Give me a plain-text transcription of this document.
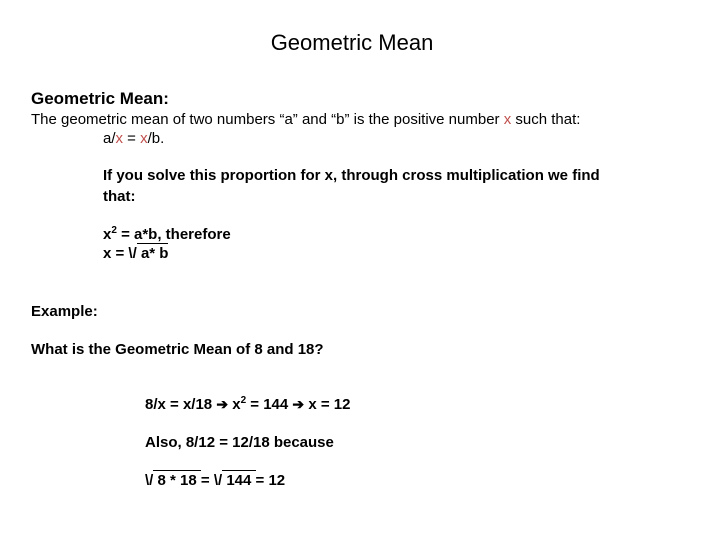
Geometric Mean
Geometric Mean:
The geometric mean of two numbers “a” and “b” is the positive number x such that:
a/x = x/b.
If you solve this proportion for x, through cross multiplication we find
that:
$x^2 = a*b$, therefore
x = \/ a* b
Example:
What is the Geometric Mean of 8 and 18?
8/x = x/18 ➔ $x^2 = 144$ ➔ x = 12
Also, 8/12 = 12/18 because
\/ 8 * 18 = \/ 144 = 12
